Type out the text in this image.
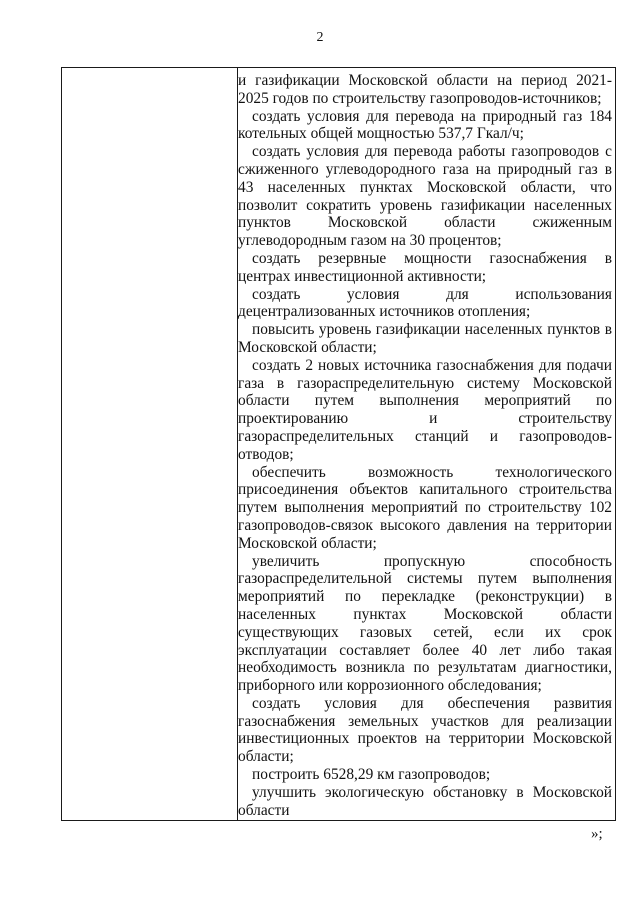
2

и газификации Московской области на период 2021-2025 годов по строительству газопроводов-источников;

создать условия для перевода на природный газ 184 котельных общей мощностью 537,7 Гкал/ч;

создать условия для перевода работы газопроводов с сжиженного углеводородного газа на природный газ в 43 населенных пунктах Московской области, что позволит сократить уровень газификации населенных пунктов Московской области сжиженным углеводородным газом на 30 процентов;

создать резервные мощности газоснабжения в центрах инвестиционной активности;

создать условия для использования децентрализованных источников отопления;

повысить уровень газификации населенных пунктов в Московской области;

создать 2 новых источника газоснабжения для подачи газа в газораспределительную систему Московской области путем выполнения мероприятий по проектированию и строительству газораспределительных станций и газопроводов-отводов;

обеспечить возможность технологического присоединения объектов капитального строительства путем выполнения мероприятий по строительству 102 газопроводов-связок высокого давления на территории Московской области;

увеличить пропускную способность газораспределительной системы путем выполнения мероприятий по перекладке (реконструкции) в населенных пунктах Московской области существующих газовых сетей, если их срок эксплуатации составляет более 40 лет либо такая необходимость возникла по результатам диагностики, приборного или коррозионного обследования;

создать условия для обеспечения развития газоснабжения земельных участков для реализации инвестиционных проектов на территории Московской области;

построить 6528,29 км газопроводов;

улучшить экологическую обстановку в Московской области

»;
